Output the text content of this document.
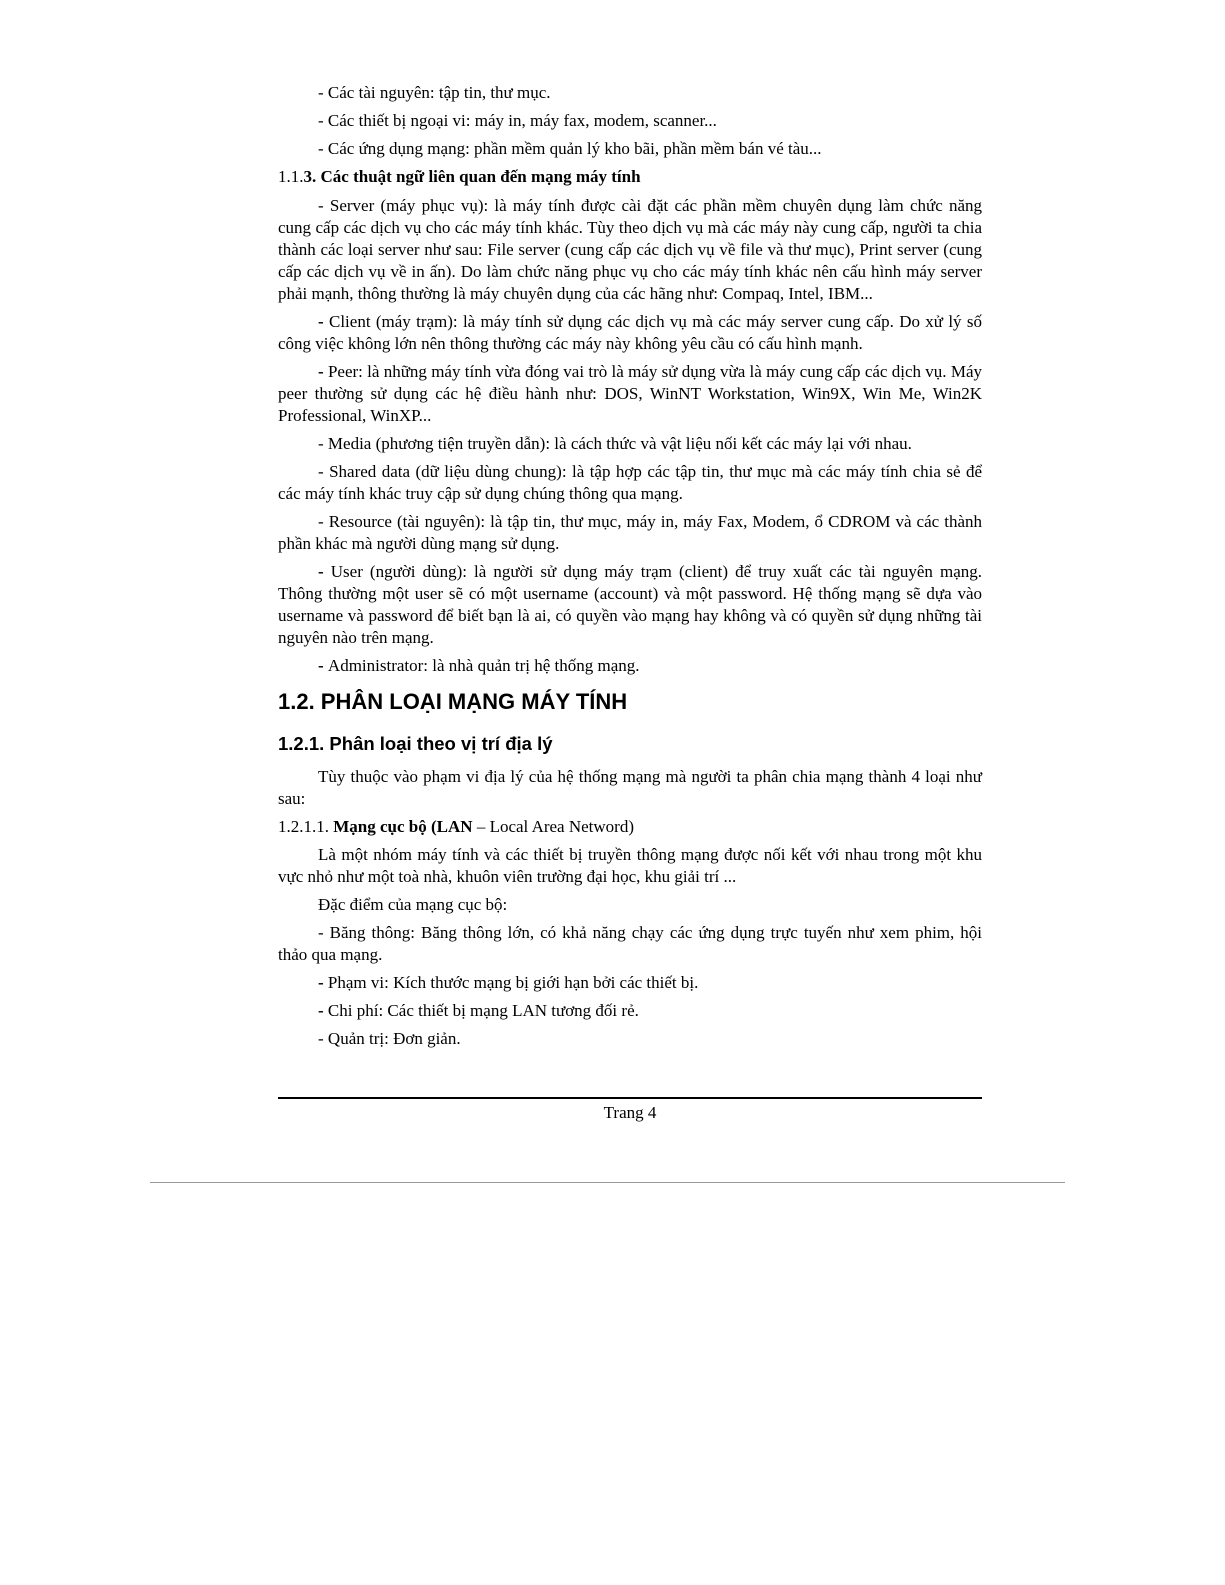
- Các tài nguyên: tập tin, thư mục.
- Các thiết bị ngoại vi: máy in, máy fax, modem, scanner...
- Các ứng dụng mạng: phần mềm quản lý kho bãi, phần mềm bán vé tàu...
1.1.3. Các thuật ngữ liên quan đến mạng máy tính
- Server (máy phục vụ): là máy tính được cài đặt các phần mềm chuyên dụng làm chức năng cung cấp các dịch vụ cho các máy tính khác. Tùy theo dịch vụ mà các máy này cung cấp, người ta chia thành các loại server như sau: File server (cung cấp các dịch vụ về file và thư mục), Print server (cung cấp các dịch vụ về in ấn). Do làm chức năng phục vụ cho các máy tính khác nên cấu hình máy server phải mạnh, thông thường là máy chuyên dụng của các hãng như: Compaq, Intel, IBM...
- Client (máy trạm): là máy tính sử dụng các dịch vụ mà các máy server cung cấp. Do xử lý số công việc không lớn nên thông thường các máy này không yêu cầu có cấu hình mạnh.
- Peer: là những máy tính vừa đóng vai trò là máy sử dụng vừa là máy cung cấp các dịch vụ. Máy peer thường sử dụng các hệ điều hành như: DOS, WinNT Workstation, Win9X, Win Me, Win2K Professional, WinXP...
- Media (phương tiện truyền dẫn): là cách thức và vật liệu nối kết các máy lại với nhau.
- Shared data (dữ liệu dùng chung): là tập hợp các tập tin, thư mục mà các máy tính chia sẻ để các máy tính khác truy cập sử dụng chúng thông qua mạng.
- Resource (tài nguyên): là tập tin, thư mục, máy in, máy Fax, Modem, ổ CDROM và các thành phần khác mà người dùng mạng sử dụng.
- User (người dùng): là người sử dụng máy trạm (client) để truy xuất các tài nguyên mạng. Thông thường một user sẽ có một username (account) và một password. Hệ thống mạng sẽ dựa vào username và password để biết bạn là ai, có quyền vào mạng hay không và có quyền sử dụng những tài nguyên nào trên mạng.
- Administrator: là nhà quản trị hệ thống mạng.
1.2. PHÂN LOẠI MẠNG MÁY TÍNH
1.2.1. Phân loại theo vị trí địa lý
Tùy thuộc vào phạm vi địa lý của hệ thống mạng mà người ta phân chia mạng thành 4 loại như sau:
1.2.1.1. Mạng cục bộ (LAN – Local Area Netword)
Là một nhóm máy tính và các thiết bị truyền thông mạng được nối kết với nhau trong một khu vực nhỏ như một toà nhà, khuôn viên trường đại học, khu giải trí ...
Đặc điểm của mạng cục bộ:
- Băng thông: Băng thông lớn, có khả năng chạy các ứng dụng trực tuyến như xem phim, hội thảo qua mạng.
- Phạm vi: Kích thước mạng bị giới hạn bởi các thiết bị.
- Chi phí: Các thiết bị mạng LAN tương đối rẻ.
- Quản trị: Đơn giản.
Trang 4
